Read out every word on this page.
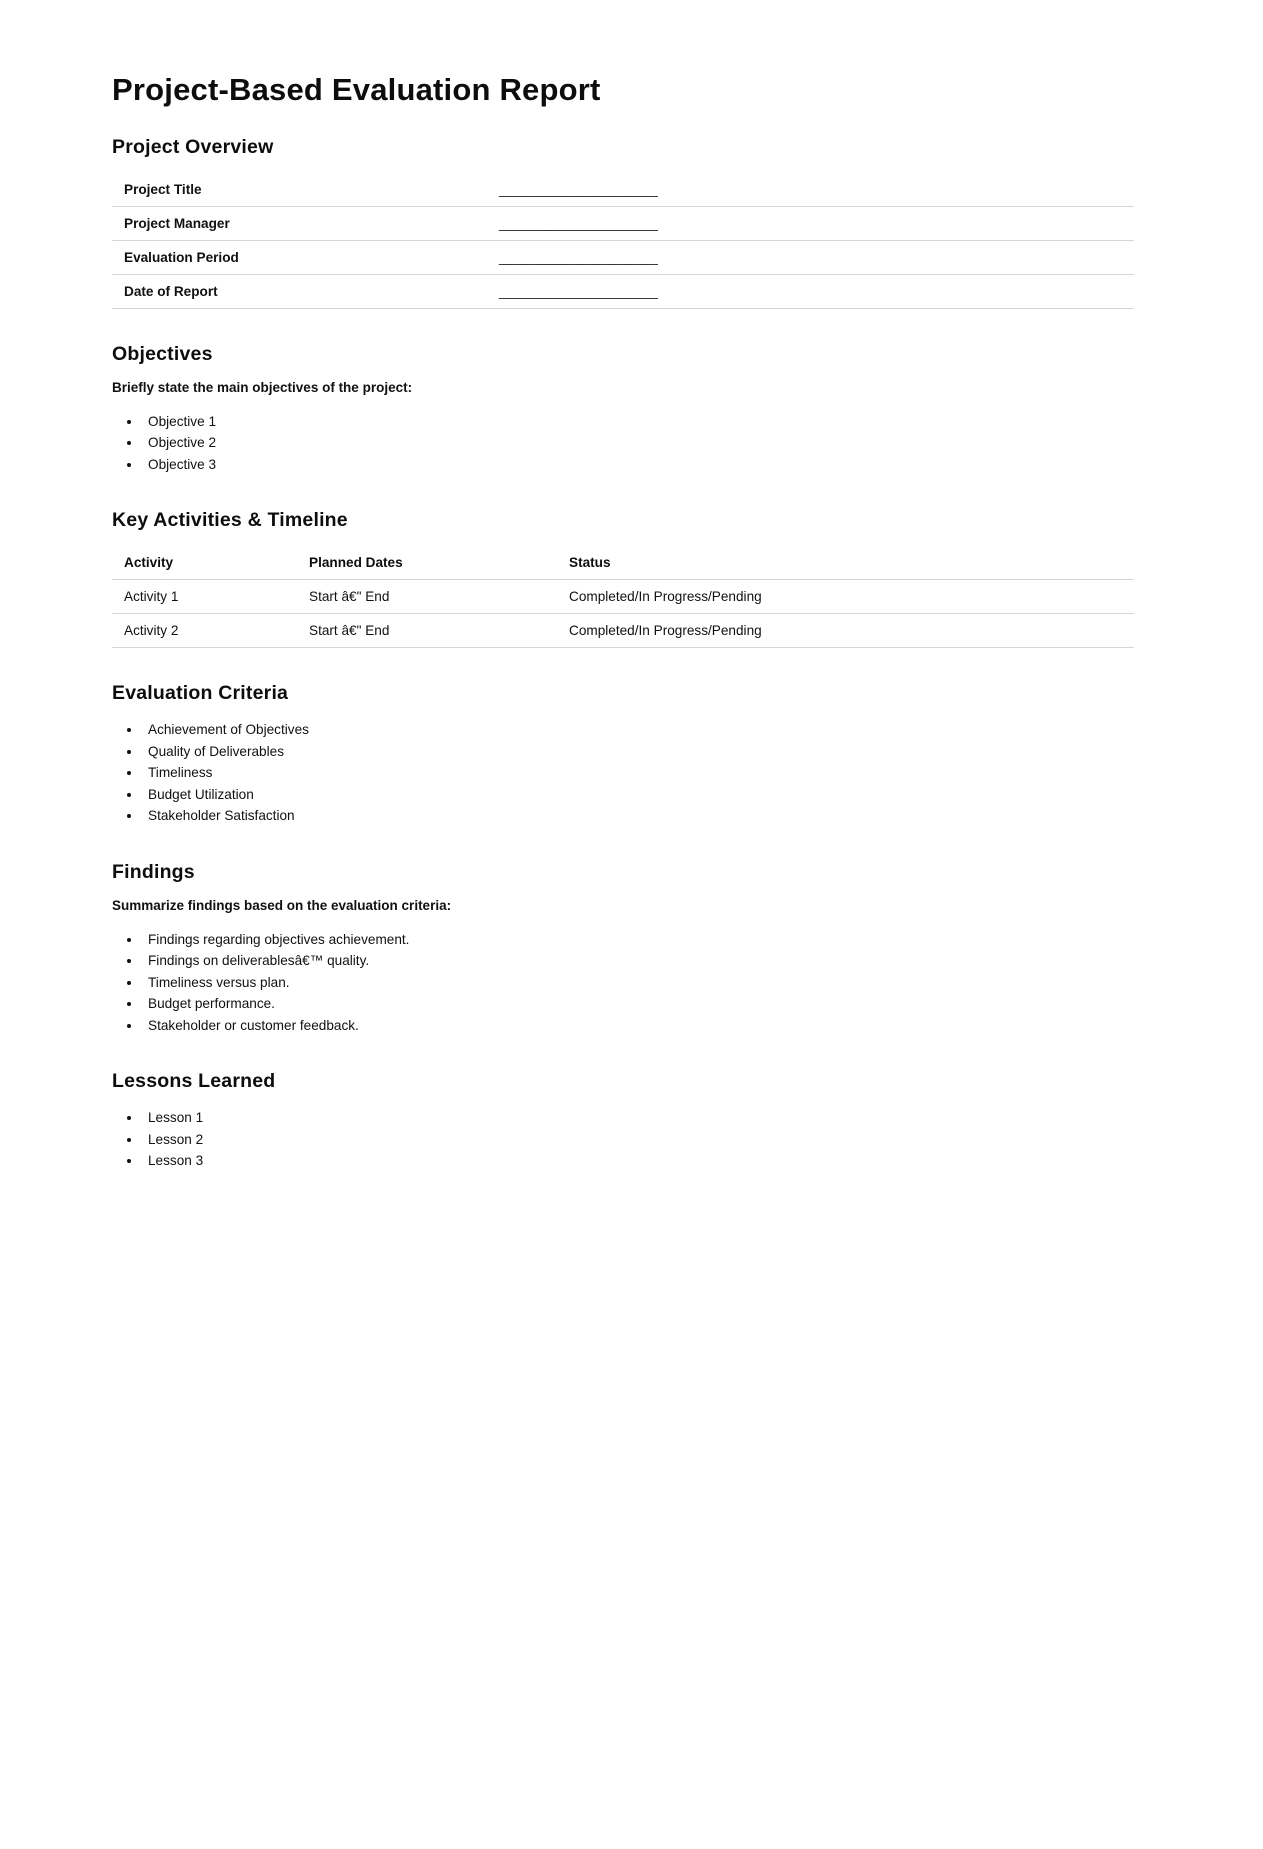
Project-Based Evaluation Report
Project Overview
Project Title	_____________________
Project Manager	_____________________
Evaluation Period	_____________________
Date of Report	_____________________
Objectives

Briefly state the main objectives of the project:

• Objective 1
• Objective 2
• Objective 3
Key Activities & Timeline
Activity	Planned Dates	Status
Activity 1	Start â€" End	Completed/In Progress/Pending
Activity 2	Start â€" End	Completed/In Progress/Pending
Evaluation Criteria
• Achievement of Objectives
• Quality of Deliverables
• Timeliness
• Budget Utilization
• Stakeholder Satisfaction
Findings

Summarize findings based on the evaluation criteria:

• Findings regarding objectives achievement.
• Findings on deliverablesâ€™ quality.
• Timeliness versus plan.
• Budget performance.
• Stakeholder or customer feedback.
Lessons Learned
• Lesson 1
• Lesson 2
• Lesson 3
